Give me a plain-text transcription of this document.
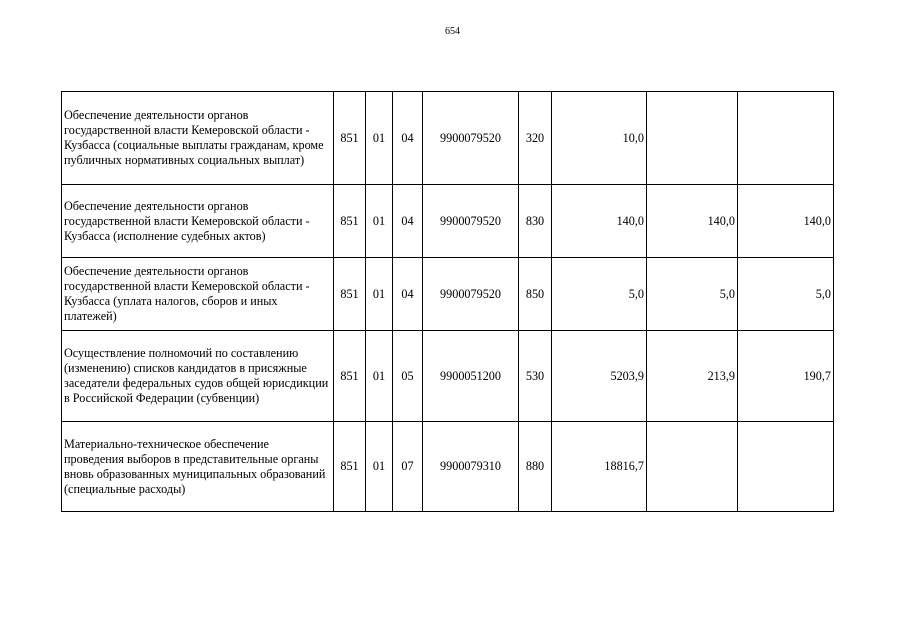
654
Обеспечение деятельности органов государственной власти Кемеровской области - Кузбасса (социальные выплаты гражданам, кроме публичных нормативных социальных выплат)	851	01	04	9900079520	320	10,0		
Обеспечение деятельности органов государственной власти Кемеровской области - Кузбасса (исполнение судебных актов)	851	01	04	9900079520	830	140,0	140,0	140,0
Обеспечение деятельности органов государственной власти Кемеровской области - Кузбасса (уплата налогов, сборов и иных платежей)	851	01	04	9900079520	850	5,0	5,0	5,0
Осуществление полномочий по составлению (изменению) списков кандидатов в присяжные заседатели федеральных судов общей юрисдикции в Российской Федерации (субвенции)	851	01	05	9900051200	530	5203,9	213,9	190,7
Материально-техническое обеспечение проведения выборов в представительные органы вновь образованных муниципальных образований (специальные расходы)	851	01	07	9900079310	880	18816,7		
